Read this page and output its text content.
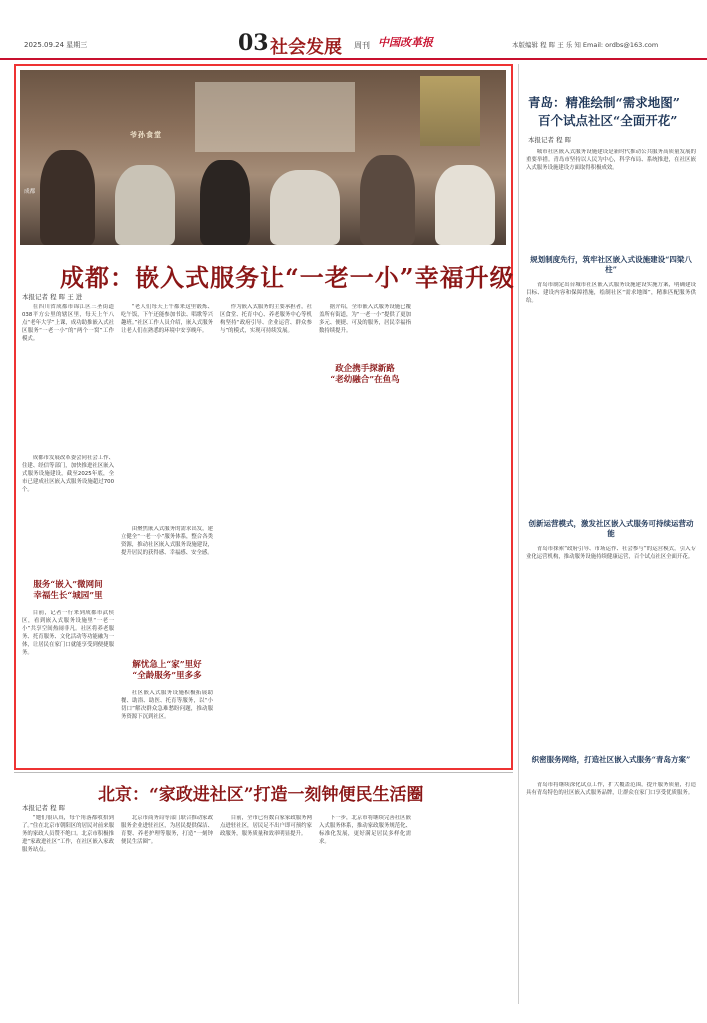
2025.09.24 星期三	03 社会发展 周刊 中国改革报	本版编辑 程 晖 王 乐 知 Email: ordbs@163.com
爷孙食堂
成都
成都：嵌入式服务让“一老一小”幸福升级
本报记者 程 晖 王 进
在四川省成都市锦江区三圣街道038平方公里的辖区里，每天上午八点“老年大学”上课，成功助推嵌入式社区服务“一老一小”的“两个一窝”工作模式。
成都市发展改革委会同社会工作、住建、经信等部门，加快推进社区嵌入式服务设施建设，截至2025年底，全市已建成社区嵌入式服务设施超过700个。
服务“嵌入”微网间
幸福生长“城园”里
目前，记者一行来到成都市武侯区，看到嵌入式服务设施里“一老一小”共享空间热闹非凡。社区将养老服务、托育服务、文化活动等功能融为一体，让居民在家门口就能享受到便捷服务。
“老人们每天上午都来这里锻炼、吃午饭，下午还能参加书法、唱歌等兴趣班。”社区工作人员介绍，嵌入式服务让老人们在熟悉的环境中安享晚年。
由聚焦嵌入式服务的需求出发，建立健全“一老一小”服务体系，整合各类资源，推动社区嵌入式服务设施建设，提升居民的获得感、幸福感、安全感。
解忧急上“家”里好
“全龄服务”里多多
社区嵌入式服务设施积极拓展助餐、助浴、助医、托育等服务，以“小切口”解决群众急难愁盼问题，推动服务资源下沉到社区。
作为嵌入式服务的主要承担者，社区食堂、托育中心、养老服务中心等机构坚持“政府引导、企业运营、群众参与”的模式，实现可持续发展。
据介绍，全市嵌入式服务设施已覆盖所有街道，为“一老一小”提供了更加多元、便捷、可及的服务，居民幸福指数持续提升。
政企携手探新路
“老幼融合”在鱼鸟
北京：“家政进社区”打造一刻钟便民生活圈
本报记者 程 晖
“她们很认真，每个角落都收拾到了。”住在北京市朝阳区的居民对前来服务的家政人员赞不绝口。北京市积极推进“家政进社区”工作，在社区嵌入家政服务站点。
北京市商务局等部门联合推动家政服务企业进驻社区，为居民提供保洁、育婴、养老护理等服务，打造“一刻钟便民生活圈”。
目前，全市已有数百家家政服务网点进驻社区，居民足不出户即可预约家政服务，服务质量和效率明显提升。
下一步，北京市将继续完善社区嵌入式服务体系，推动家政服务规范化、标准化发展，更好满足居民多样化需求。
青岛：精准绘制“需求地图”
百个试点社区“全面开花”
本报记者 程 晖
城市社区嵌入式服务设施建设是新时代推动公共服务高质量发展的重要举措。青岛市坚持以人民为中心，科学布局、系统推进，在社区嵌入式服务设施建设方面取得积极成效。
规划制度先行，筑牢社区嵌入式设施建设“四梁八柱”
青岛市制定出台城市社区嵌入式服务设施建设实施方案，明确建设目标、建设内容和保障措施，绘制社区“需求地图”，精准匹配服务供给。
创新运营模式，激发社区嵌入式服务可持续运营动能
青岛市探索“政府引导、市场运作、社会参与”的运营模式，引入专业化运营机构，推动服务设施持续健康运营，百个试点社区全面开花。
织密服务网络，打造社区嵌入式服务“青岛方案”
青岛市将继续深化试点工作，扩大覆盖范围，提升服务质量，打造具有青岛特色的社区嵌入式服务品牌，让群众在家门口享受优质服务。
